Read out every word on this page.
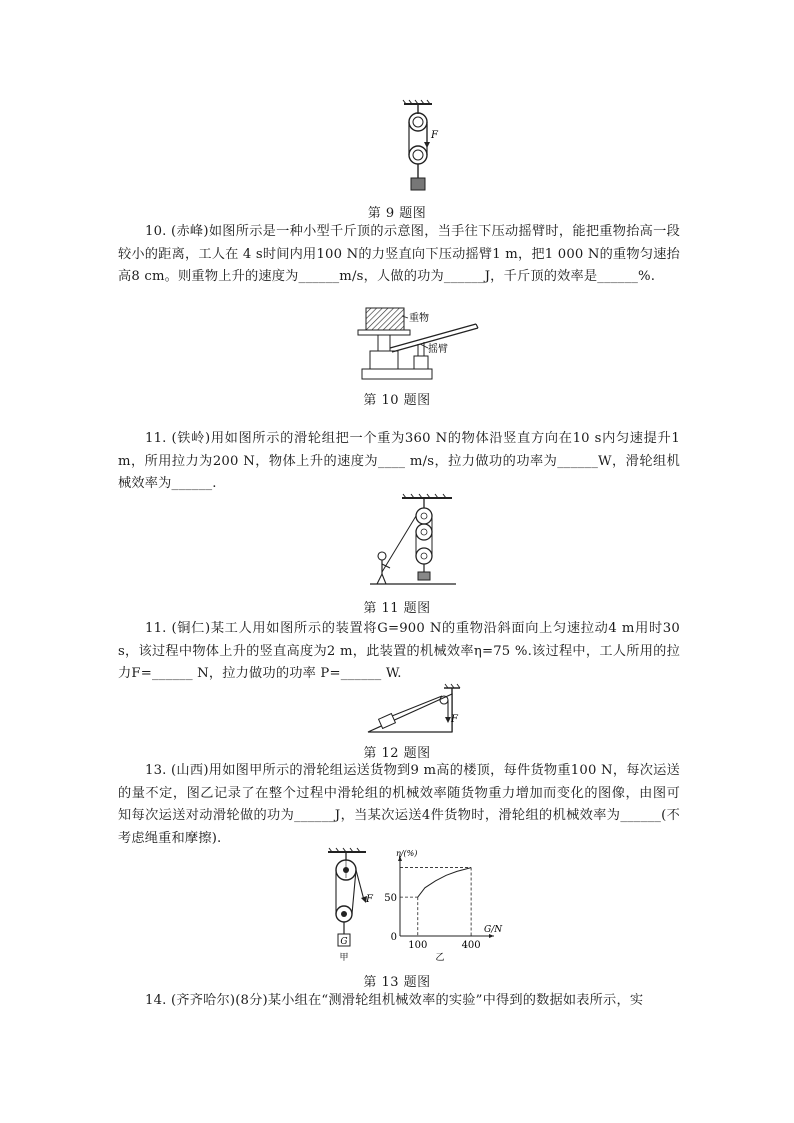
F
第 9 题图
10. (赤峰)如图所示是一种小型千斤顶的示意图，当手往下压动摇臂时，能把重物抬高一段较小的距离，工人在 4 s时间内用100 N的力竖直向下压动摇臂1 m，把1 000 N的重物匀速抬高8 cm。则重物上升的速度为______m/s，人做的功为______J，千斤顶的效率是______%.
重物
摇臂
第 10 题图
11. (铁岭)用如图所示的滑轮组把一个重为360 N的物体沿竖直方向在10 s内匀速提升1 m，所用拉力为200 N，物体上升的速度为____ m/s，拉力做功的功率为______W，滑轮组机械效率为______.
第 11 题图
11. (铜仁)某工人用如图所示的装置将G=900 N的重物沿斜面向上匀速拉动4 m用时30 s，该过程中物体上升的竖直高度为2 m，此装置的机械效率η=75 %.该过程中，工人所用的拉力F=______ N，拉力做功的功率 P=______ W.
F
第 12 题图
13. (山西)用如图甲所示的滑轮组运送货物到9 m高的楼顶，每件货物重100 N，每次运送的量不定，图乙记录了在整个过程中滑轮组的机械效率随货物重力增加而变化的图像，由图可知每次运送对动滑轮做的功为______J，当某次运送4件货物时，滑轮组的机械效率为______(不考虑绳重和摩擦).
F
G
甲
G/N
η/(%)
0
50
100	400
乙
第 13 题图
14. (齐齐哈尔)(8分)某小组在“测滑轮组机械效率的实验”中得到的数据如表所示，实
